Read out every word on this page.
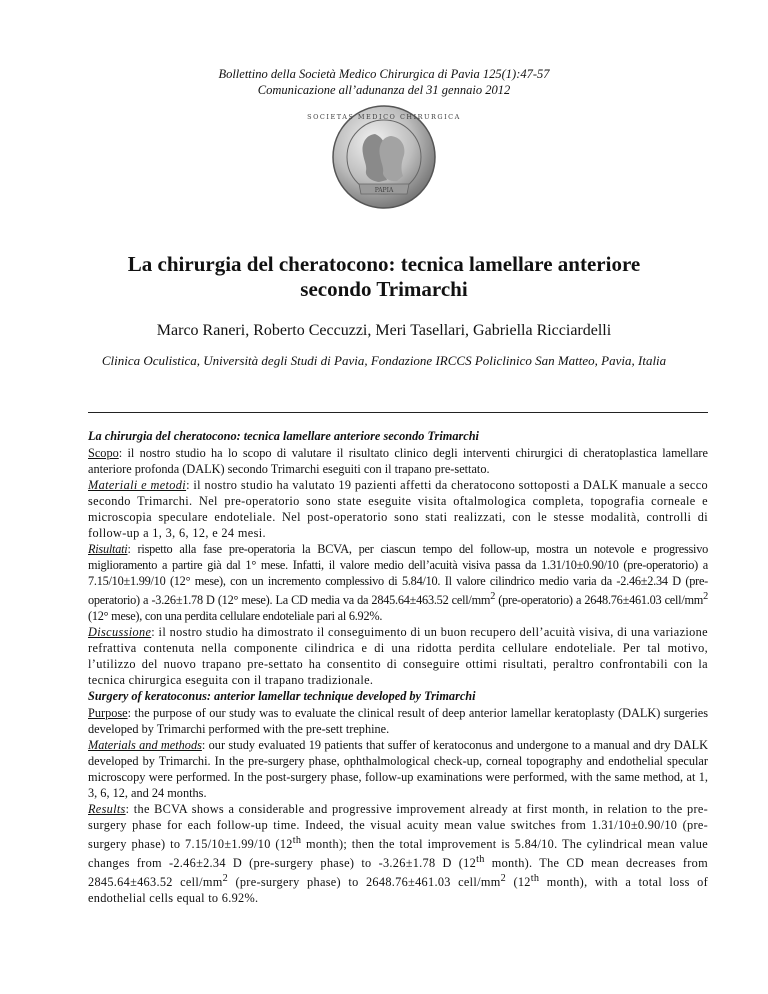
Bollettino della Società Medico Chirurgica di Pavia 125(1):47-57
Comunicazione all’adunanza del 31 gennaio 2012
SOCIETAS MEDICO CHIRURGICA
PAPIA
La chirurgia del cheratocono: tecnica lamellare anteriore
secondo Trimarchi
Marco Raneri, Roberto Ceccuzzi, Meri Tasellari, Gabriella Ricciardelli
Clinica Oculistica, Università degli Studi di Pavia, Fondazione IRCCS Policlinico San Matteo, Pavia, Italia

La chirurgia del cheratocono: tecnica lamellare anteriore secondo Trimarchi

Scopo: il nostro studio ha lo scopo di valutare il risultato clinico degli interventi chirurgici di cheratoplastica lamellare anteriore profonda (DALK) secondo Trimarchi eseguiti con il trapano pre-settato.

Materiali e metodi: il nostro studio ha valutato 19 pazienti affetti da cheratocono sottoposti a DALK manuale a secco secondo Trimarchi. Nel pre-operatorio sono state eseguite visita oftalmologica completa, topografia corneale e microscopia speculare endoteliale. Nel post-operatorio sono stati realizzati, con le stesse modalità, controlli di follow-up a 1, 3, 6, 12, e 24 mesi.

Risultati: rispetto alla fase pre-operatoria la BCVA, per ciascun tempo del follow-up, mostra un notevole e progressivo miglioramento a partire già dal 1° mese. Infatti, il valore medio dell’acuità visiva passa da 1.31/10±0.90/10 (pre-operatorio) a 7.15/10±1.99/10 (12° mese), con un incremento complessivo di 5.84/10. Il valore cilindrico medio varia da -2.46±2.34 D (pre-operatorio) a -3.26±1.78 D (12° mese). La CD media va da 2845.64±463.52 cell/$mm^2$ (pre-operatorio) a 2648.76±461.03 cell/$mm^2$ (12° mese), con una perdita cellulare endoteliale pari al 6.92%.

Discussione: il nostro studio ha dimostrato il conseguimento di un buon recupero dell’acuità visiva, di una variazione refrattiva contenuta nella componente cilindrica e di una ridotta perdita cellulare endoteliale. Per tal motivo, l’utilizzo del nuovo trapano pre-settato ha consentito di conseguire ottimi risultati, peraltro confrontabili con la tecnica chirurgica eseguita con il trapano tradizionale.

Surgery of keratoconus: anterior lamellar technique developed by Trimarchi

Purpose: the purpose of our study was to evaluate the clinical result of deep anterior lamellar keratoplasty (DALK) surgeries developed by Trimarchi performed with the pre-sett trephine.

Materials and methods: our study evaluated 19 patients that suffer of keratoconus and undergone to a manual and dry DALK developed by Trimarchi. In the pre-surgery phase, ophthalmological check-up, corneal topography and endothelial specular microscopy were performed. In the post-surgery phase, follow-up examinations were performed, with the same method, at 1, 3, 6, 12, and 24 months.

Results: the BCVA shows a considerable and progressive improvement already at first month, in relation to the pre-surgery phase for each follow-up time. Indeed, the visual acuity mean value switches from 1.31/10±0.90/10 (pre-surgery phase) to 7.15/10±1.99/10 (12th month); then the total improvement is 5.84/10. The cylindrical mean value changes from -2.46±2.34 D (pre-surgery phase) to -3.26±1.78 D (12th month). The CD mean decreases from 2845.64±463.52 cell/$mm^2$ (pre-surgery phase) to 2648.76±461.03 cell/$mm^2$ (12th month), with a total loss of endothelial cells equal to 6.92%.
